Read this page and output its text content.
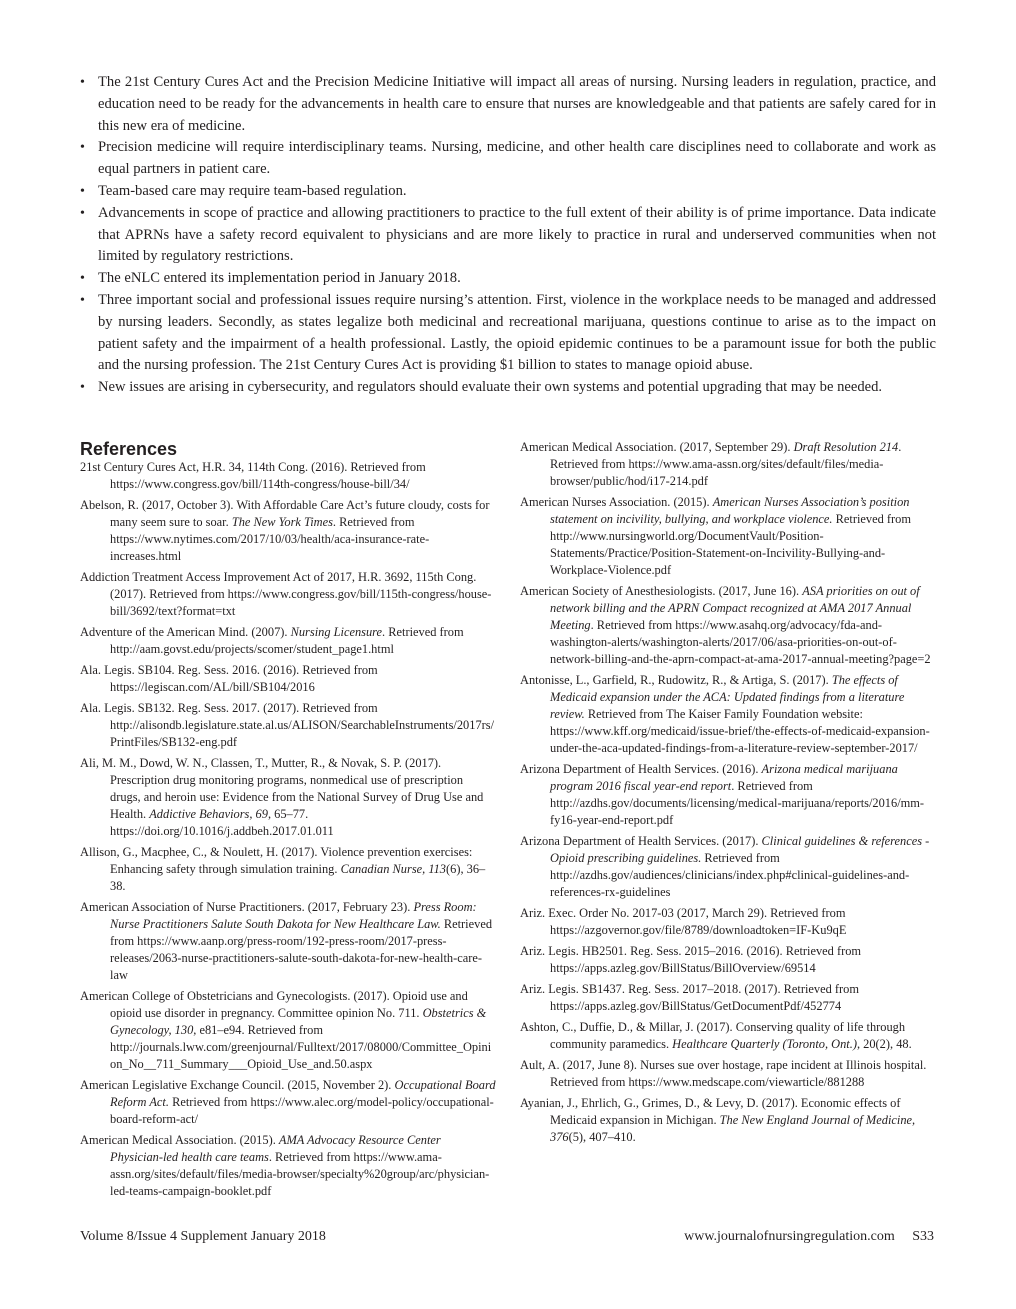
• The 21st Century Cures Act and the Precision Medicine Initiative will impact all areas of nursing. Nursing leaders in regulation, practice, and education need to be ready for the advancements in health care to ensure that nurses are knowledgeable and that patients are safely cared for in this new era of medicine.
• Precision medicine will require interdisciplinary teams. Nursing, medicine, and other health care disciplines need to collaborate and work as equal partners in patient care.
• Team-based care may require team-based regulation.
• Advancements in scope of practice and allowing practitioners to practice to the full extent of their ability is of prime importance. Data indicate that APRNs have a safety record equivalent to physicians and are more likely to practice in rural and underserved communities when not limited by regulatory restrictions.
• The eNLC entered its implementation period in January 2018.
• Three important social and professional issues require nursing’s attention. First, violence in the workplace needs to be managed and addressed by nursing leaders. Secondly, as states legalize both medicinal and recreational marijuana, questions continue to arise as to the impact on patient safety and the impairment of a health professional. Lastly, the opioid epidemic continues to be a paramount issue for both the public and the nursing profession. The 21st Century Cures Act is providing $1 billion to states to manage opioid abuse.
• New issues are arising in cybersecurity, and regulators should evaluate their own systems and potential upgrading that may be needed.
References
21st Century Cures Act, H.R. 34, 114th Cong. (2016). Retrieved from https://www.congress.gov/bill/114th-congress/house-bill/34/
Abelson, R. (2017, October 3). With Affordable Care Act’s future cloudy, costs for many seem sure to soar. The New York Times. Retrieved from https://www.nytimes.com/2017/10/03/health/aca-insurance-rate-increases.html
Addiction Treatment Access Improvement Act of 2017, H.R. 3692, 115th Cong. (2017). Retrieved from https://www.congress.gov/bill/115th-congress/house-bill/3692/text?format=txt
Adventure of the American Mind. (2007). Nursing Licensure. Retrieved from http://aam.govst.edu/projects/scomer/student_page1.html
Ala. Legis. SB104. Reg. Sess. 2016. (2016). Retrieved from https://legiscan.com/AL/bill/SB104/2016
Ala. Legis. SB132. Reg. Sess. 2017. (2017). Retrieved from http://alisondb.legislature.state.al.us/ALISON/SearchableInstruments/2017rs/PrintFiles/SB132-eng.pdf
Ali, M. M., Dowd, W. N., Classen, T., Mutter, R., & Novak, S. P. (2017). Prescription drug monitoring programs, nonmedical use of prescription drugs, and heroin use: Evidence from the National Survey of Drug Use and Health. Addictive Behaviors, 69, 65–77. https://doi.org/10.1016/j.addbeh.2017.01.011
Allison, G., Macphee, C., & Noulett, H. (2017). Violence prevention exercises: Enhancing safety through simulation training. Canadian Nurse, 113(6), 36–38.
American Association of Nurse Practitioners. (2017, February 23). Press Room: Nurse Practitioners Salute South Dakota for New Healthcare Law. Retrieved from https://www.aanp.org/press-room/192-press-room/2017-press-releases/2063-nurse-practitioners-salute-south-dakota-for-new-health-care-law
American College of Obstetricians and Gynecologists. (2017). Opioid use and opioid use disorder in pregnancy. Committee opinion No. 711. Obstetrics & Gynecology, 130, e81–e94. Retrieved from http://journals.lww.com/greenjournal/Fulltext/2017/08000/Committee_Opinion_No__711_Summary___Opioid_Use_and.50.aspx
American Legislative Exchange Council. (2015, November 2). Occupational Board Reform Act. Retrieved from https://www.alec.org/model-policy/occupational-board-reform-act/
American Medical Association. (2015). AMA Advocacy Resource Center Physician-led health care teams. Retrieved from https://www.ama-assn.org/sites/default/files/media-browser/specialty%20group/arc/physician-led-teams-campaign-booklet.pdf
American Medical Association. (2017, September 29). Draft Resolution 214. Retrieved from https://www.ama-assn.org/sites/default/files/media-browser/public/hod/i17-214.pdf
American Nurses Association. (2015). American Nurses Association’s position statement on incivility, bullying, and workplace violence. Retrieved from http://www.nursingworld.org/DocumentVault/Position-Statements/Practice/Position-Statement-on-Incivility-Bullying-and-Workplace-Violence.pdf
American Society of Anesthesiologists. (2017, June 16). ASA priorities on out of network billing and the APRN Compact recognized at AMA 2017 Annual Meeting. Retrieved from https://www.asahq.org/advocacy/fda-and-washington-alerts/washington-alerts/2017/06/asa-priorities-on-out-of-network-billing-and-the-aprn-compact-at-ama-2017-annual-meeting?page=2
Antonisse, L., Garfield, R., Rudowitz, R., & Artiga, S. (2017). The effects of Medicaid expansion under the ACA: Updated findings from a literature review. Retrieved from The Kaiser Family Foundation website: https://www.kff.org/medicaid/issue-brief/the-effects-of-medicaid-expansion-under-the-aca-updated-findings-from-a-literature-review-september-2017/
Arizona Department of Health Services. (2016). Arizona medical marijuana program 2016 fiscal year-end report. Retrieved from http://azdhs.gov/documents/licensing/medical-marijuana/reports/2016/mm-fy16-year-end-report.pdf
Arizona Department of Health Services. (2017). Clinical guidelines & references - Opioid prescribing guidelines. Retrieved from http://azdhs.gov/audiences/clinicians/index.php#clinical-guidelines-and-references-rx-guidelines
Ariz. Exec. Order No. 2017-03 (2017, March 29). Retrieved from https://azgovernor.gov/file/8789/downloadtoken=IF-Ku9qE
Ariz. Legis. HB2501. Reg. Sess. 2015–2016. (2016). Retrieved from https://apps.azleg.gov/BillStatus/BillOverview/69514
Ariz. Legis. SB1437. Reg. Sess. 2017–2018. (2017). Retrieved from https://apps.azleg.gov/BillStatus/GetDocumentPdf/452774
Ashton, C., Duffie, D., & Millar, J. (2017). Conserving quality of life through community paramedics. Healthcare Quarterly (Toronto, Ont.), 20(2), 48.
Ault, A. (2017, June 8). Nurses sue over hostage, rape incident at Illinois hospital. Retrieved from https://www.medscape.com/viewarticle/881288
Ayanian, J., Ehrlich, G., Grimes, D., & Levy, D. (2017). Economic effects of Medicaid expansion in Michigan. The New England Journal of Medicine, 376(5), 407–410.
Volume 8/Issue 4 Supplement January 2018	www.journalofnursingregulation.com     S33
